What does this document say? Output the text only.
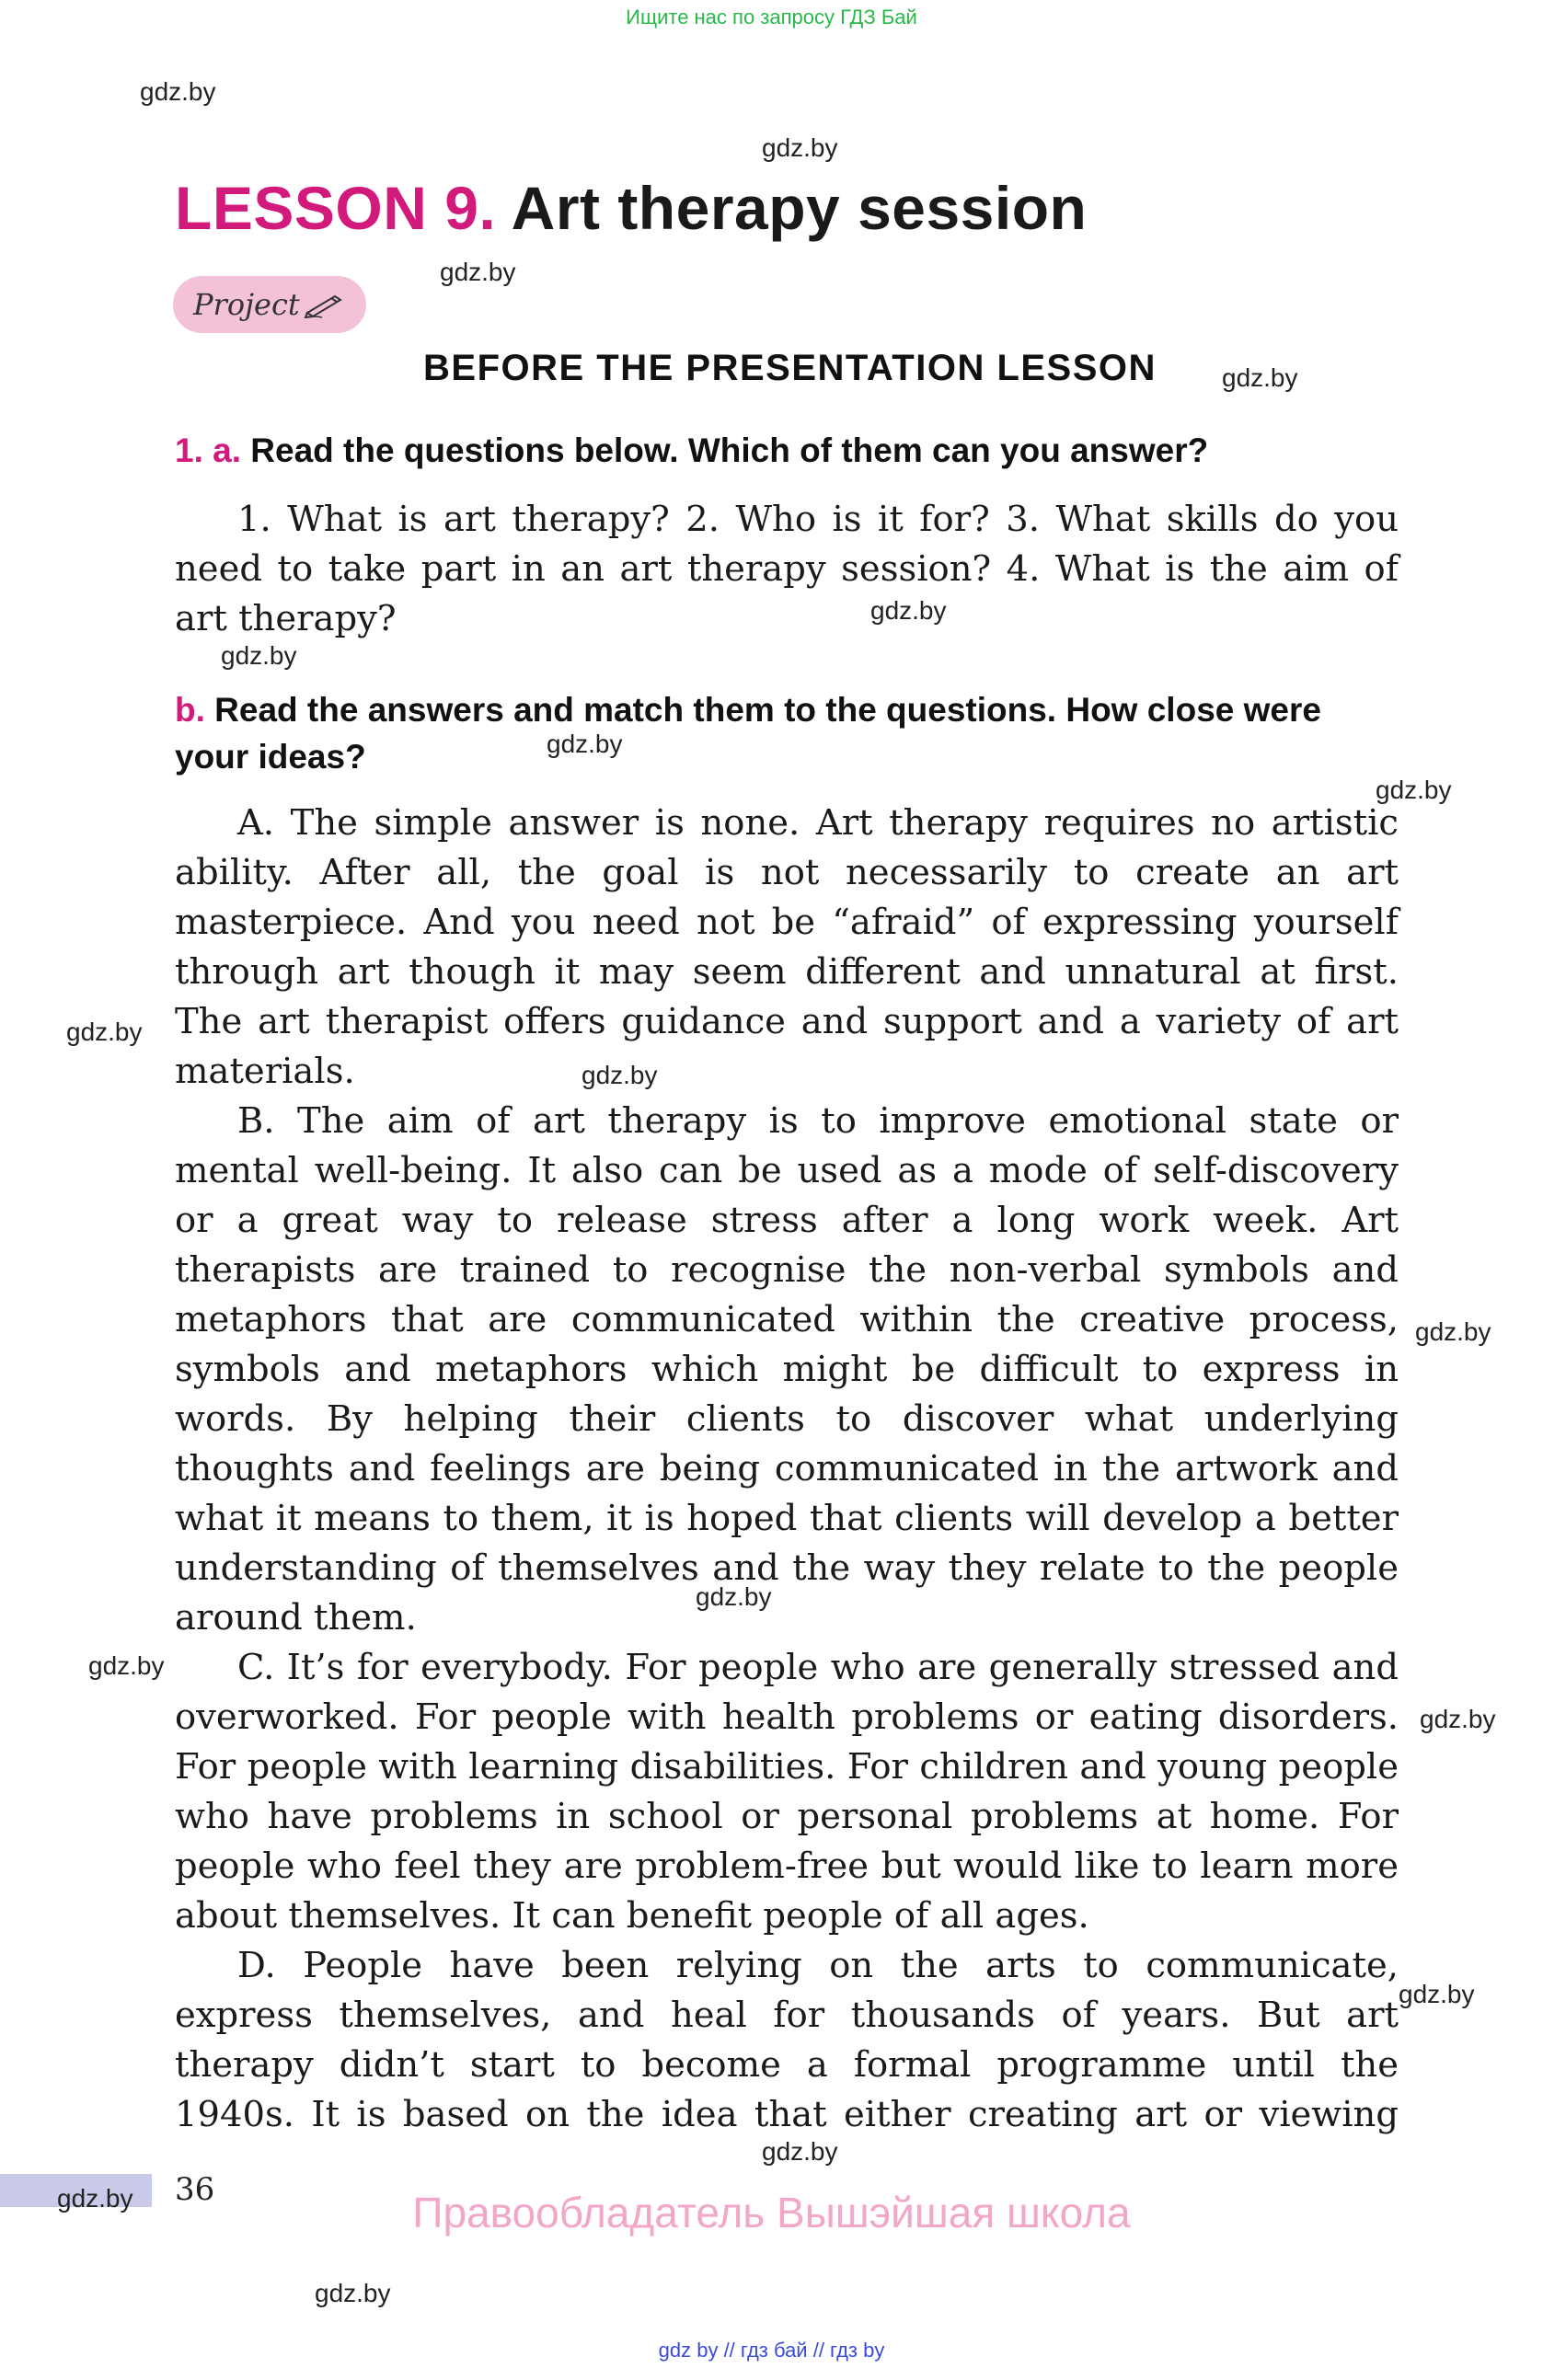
Ищите нас по запросу ГДЗ Бай
gdz.by
gdz.by
gdz.by
gdz.by
gdz.by
gdz.by
gdz.by
gdz.by
gdz.by
gdz.by
gdz.by
gdz.by
gdz.by
gdz.by
gdz.by
gdz.by
gdz.by
gdz.by
LESSON 9. Art therapy session
Project
BEFORE THE PRESENTATION LESSON
1. a. Read the questions below. Which of them can you answer?

1. What is art therapy? 2. Who is it for? 3. What skills do you need to take part in an art therapy session? 4. What is the aim of art therapy?

b. Read the answers and match them to the questions. How close were your ideas?

A. The simple answer is none. Art therapy requires no artistic ability. After all, the goal is not necessarily to create an art masterpiece. And you need not be “afraid” of expressing yourself through art though it may seem different and unnatural at first. The art therapist offers guidance and support and a variety of art materials.

B. The aim of art therapy is to improve emotional state or mental well-being. It also can be used as a mode of self-discovery or a great way to release stress after a long work week. Art therapists are trained to recognise the non-verbal symbols and metaphors that are communicated within the creative process, symbols and metaphors which might be difficult to express in words. By helping their clients to discover what underlying thoughts and feelings are being communicated in the artwork and what it means to them, it is hoped that clients will develop a better understanding of themselves and the way they relate to the people around them.

C. It’s for everybody. For people who are generally stressed and overworked. For people with health problems or eating disorders. For people with learning disabilities. For children and young people who have problems in school or personal problems at home. For people who feel they are problem-free but would like to learn more about themselves. It can benefit people of all ages.

D. People have been relying on the arts to communicate, express themselves, and heal for thousands of years. But art therapy didn’t start to become a formal programme until the 1940s. It is based on the idea that either creating art or viewing

36	Правообладатель Вышэйшая школа
gdz by // гдз бай // гдз by
